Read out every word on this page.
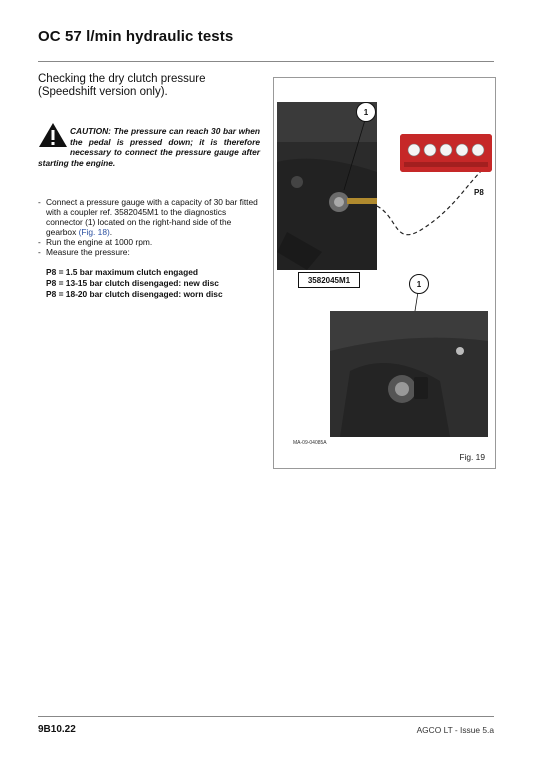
OC 57 l/min hydraulic tests
Checking the dry clutch pressure
(Speedshift version only).
CAUTION: The pressure can reach 30 bar when the pedal is pressed down; it is therefore necessary to connect the pressure gauge after starting the engine.
- Connect a pressure gauge with a capacity of 30 bar fitted with a coupler ref. 3582045M1 to the diagnostics connector (1) located on the right-hand side of the gearbox (Fig. 18).
- Run the engine at 1000 rpm.
- Measure the pressure:
P8 = 1.5 bar maximum clutch engaged
P8 = 13-15 bar clutch disengaged: new disc
P8 = 18-20 bar clutch disengaged: worn disc
P8
1
3582045M1	1
MA-09-04085A
Fig. 19
9B10.22	AGCO LT - Issue 5.a
